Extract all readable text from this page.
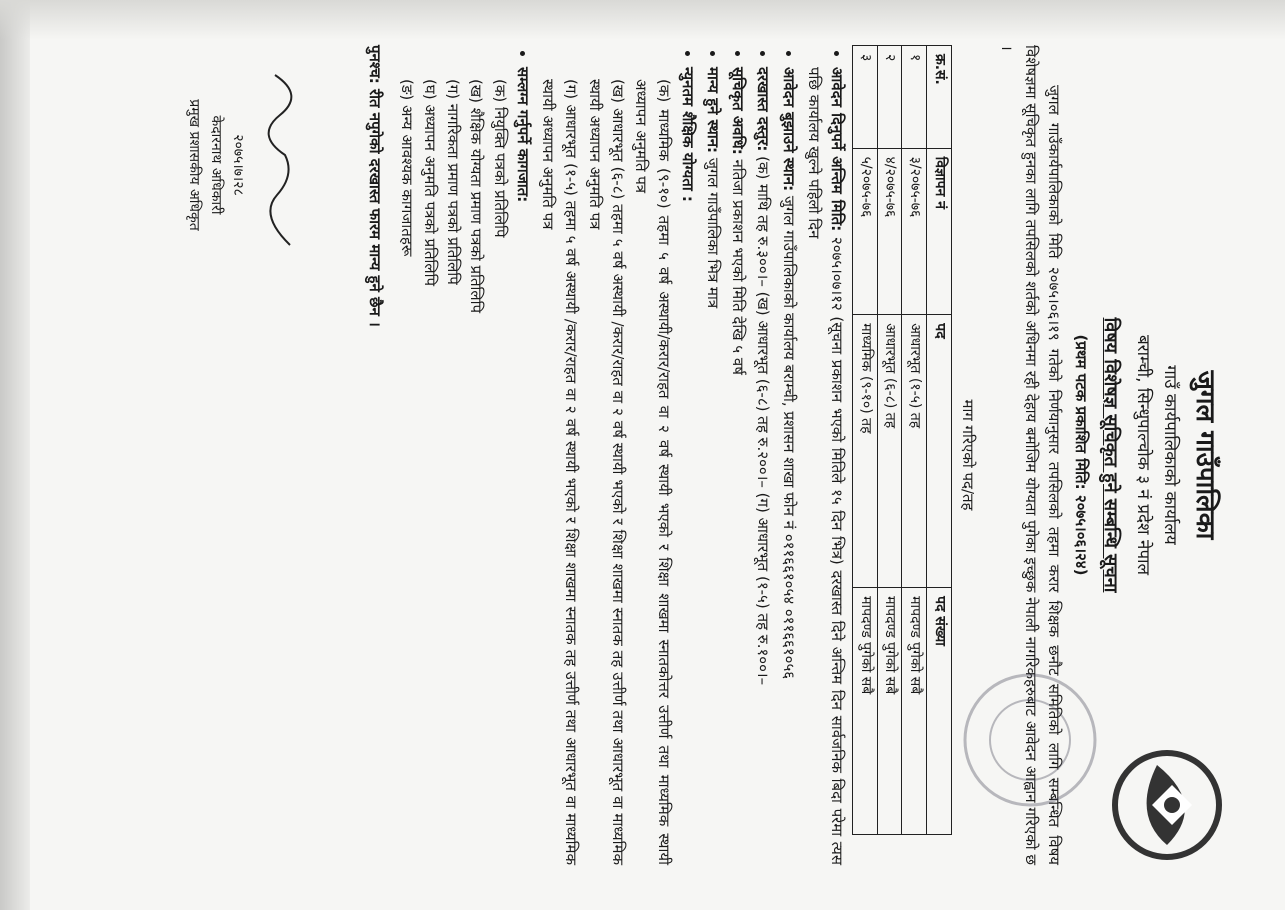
जुगल गाउँपालिका

गाउँ कार्यपालिकाको कार्यालय

बराम्ची, सिन्धुपाल्चोक ३ नं प्रदेश नेपाल

विषय विशेषज्ञ सूचिकृत हुने सम्बन्धि सूचना

(प्रथम पटक प्रकाशित मिति: २०७५।०६।२४)

जुगल गाउँकार्यपालिकाको मिति २०७५।०६।१९ गतेको निर्णयानुसार तपसिलको तहमा करार शिक्षक छनौट समितिको लागि सम्बन्धित विषय विशेषज्ञमा सूचिकृत हुनका लागि तपसिलको शर्तको अधिनमा रही देहाय बमोजिम योग्यता पुगेका इच्छुक नेपाली नागरिकहरुबाट आवेदन आह्वान गरिएको छ ।

माग गरिएको पद/तह

क्र.सं.	विज्ञापन नं	पद	पद संख्या
१	३/२०७५-७६	आधारभूत (१-५) तह	मापदण्ड पुगेको सबै
२	४/२०७५-७६	आधारभूत (६-८) तह	मापदण्ड पुगेको सबै
३	५/२०७५-७६	माध्यमिक (९-१०) तह	मापदण्ड पुगेको सबै
• आवेदन दिनुपर्ने अन्तिम मिति: २०७५।०७।१२ (सूचना प्रकाशन भएको मितिले १५ दिन भित्र) दरखास्त दिने अन्तिम दिन सार्वजनिक बिदा परेमा त्यस पछि कार्यालय खुल्ने पहिलो दिन
• आवेदन बुझाउने स्थान: जुगल गाउँपालिकाको कार्यालय बराम्ची, प्रशासन शाखा फोन नं ०११६६१०५४ ०११६६१०५६
• दरखास्त दस्तुर: (क) माथि तह रु.३००।– (ख) आधारभूत (६-८) तह रु.२००।– (ग) आधारभूत (१-५) तह रु.१००।–
• सूचिकृत अवधि: नतिजा प्रकाशन भएको मिति देखि ५ वर्ष
• मान्य हुने स्थान: जुगल गाउँपालिका भित्र मात्र
• न्युनतम शैक्षिक योग्यता :
(क) माध्यमिक (९-१०) तहमा ५ वर्ष अस्थायी/करार/राहत वा २ वर्ष स्थायी भएको र शिक्षा शाखमा स्नातकोत्तर उत्तीर्ण तथा माध्यमिक स्थायी अध्यापन अनुमति पत्र
(ख) आधारभूत (६-८) तहमा ५ वर्ष अस्थायी /करार/राहत वा २ वर्ष स्थायी भएको र शिक्षा शाखमा स्नातक तह उत्तीर्ण तथा आधारभूत वा माध्यमिक स्थायी अध्यापन अनुमति पत्र
(ग) आधारभूत (१-५) तहमा ५ वर्ष अस्थायी /करार/राहत वा २ वर्ष स्थायी भएको र शिक्षा शाखमा स्नातक तह उत्तीर्ण तथा आधारभूत वा माध्यमिक स्थायी अध्यापन अनुमति पत्र
• सम्लग्न गर्नुपर्ने कागजात:
(क) नियुक्ति पत्रको प्रतिलिपि
(ख) शैक्षिक योग्यता प्रमाण पत्रको प्रतिलिपि
(ग) नागरिकता प्रमाण पत्रको प्रतिलिपि
(घ) अध्यापन अनुमति पत्रको प्रतिलिपि
(ङ) अन्य आवश्यक कागजातहरू

पुनश्च: रीत नपुगेको दरखास्त फारम मान्य हुने छैन ।

२०७५।७।२८

केदारनाथ अधिकारी

प्रमुख प्रशासकीय अधिकृत
